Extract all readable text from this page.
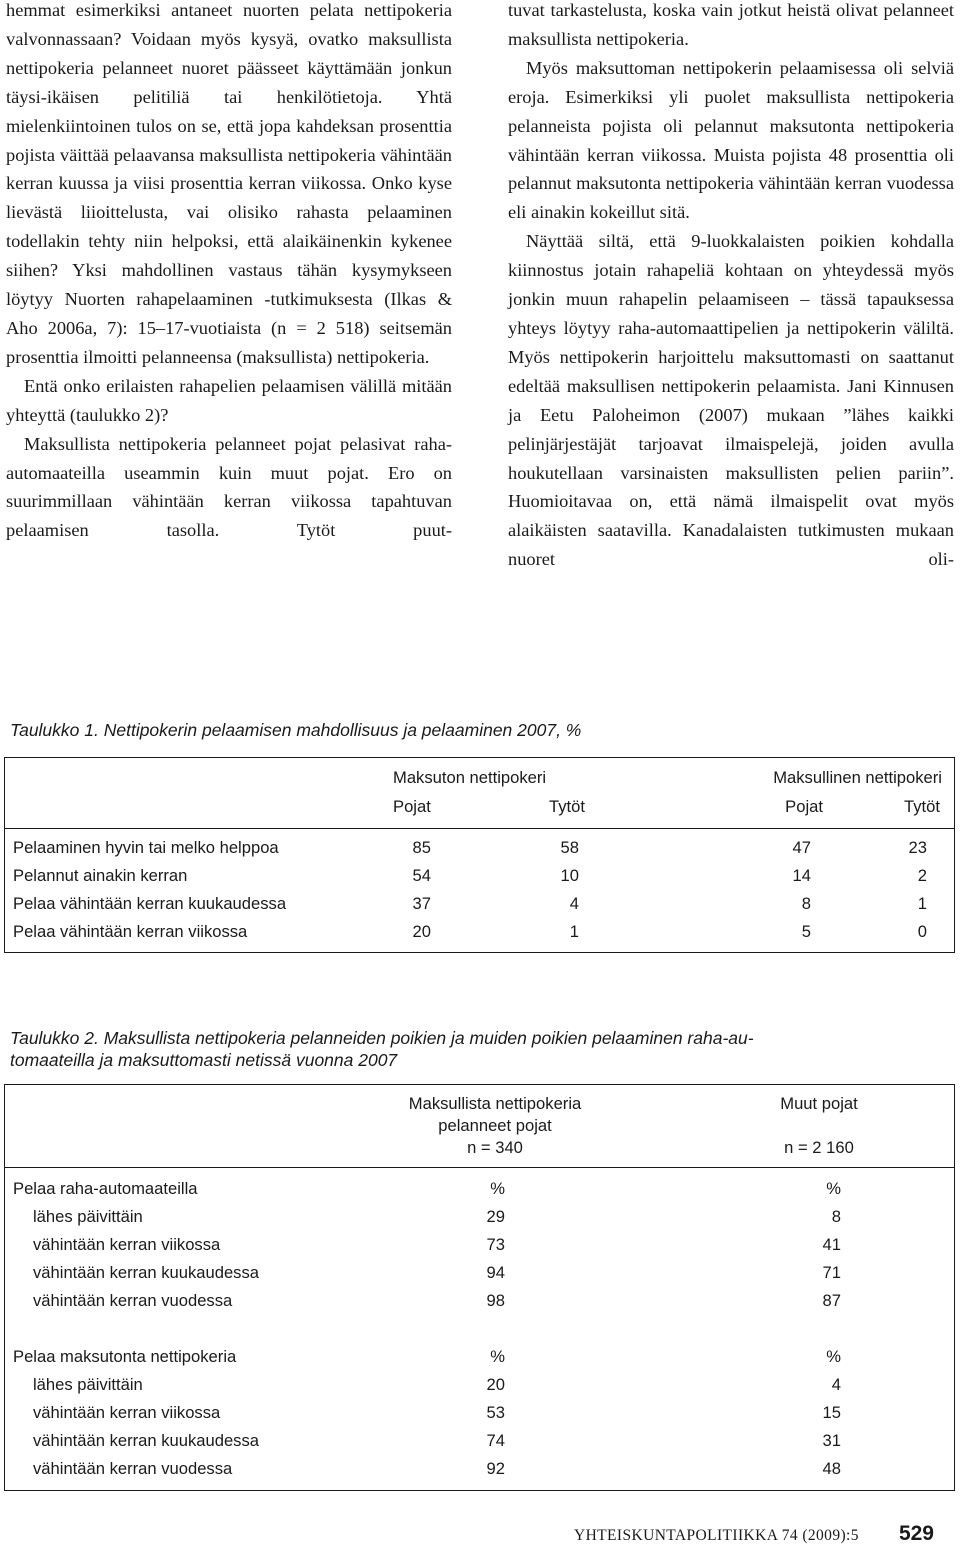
hemmat esimerkiksi antaneet nuorten pelata nettipokeria valvonnassaan? Voidaan myös kysyä, ovatko maksullista nettipokeria pelanneet nuoret päässeet käyttämään jonkun täysi-ikäisen pelitiliä tai henkilötietoja. Yhtä mielenkiintoinen tulos on se, että jopa kahdeksan prosenttia pojista väittää pelaavansa maksullista nettipokeria vähintään kerran kuussa ja viisi prosenttia kerran viikossa. Onko kyse lievästä liioittelusta, vai olisiko rahasta pelaaminen todellakin tehty niin helpoksi, että alaikäinenkin kykenee siihen? Yksi mahdollinen vastaus tähän kysymykseen löytyy Nuorten rahapelaaminen -tutkimuksesta (Ilkas & Aho 2006a, 7): 15–17-vuotiaista (n = 2 518) seitsemän prosenttia ilmoitti pelanneensa (maksullista) nettipokeria.

Entä onko erilaisten rahapelien pelaamisen välillä mitään yhteyttä (taulukko 2)?

Maksullista nettipokeria pelanneet pojat pelasivat raha-automaateilla useammin kuin muut pojat. Ero on suurimmillaan vähintään kerran viikossa tapahtuvan pelaamisen tasolla. Tytöt puut-

tuvat tarkastelusta, koska vain jotkut heistä olivat pelanneet maksullista nettipokeria.

Myös maksuttoman nettipokerin pelaamisessa oli selviä eroja. Esimerkiksi yli puolet maksullista nettipokeria pelanneista pojista oli pelannut maksutonta nettipokeria vähintään kerran viikossa. Muista pojista 48 prosenttia oli pelannut maksutonta nettipokeria vähintään kerran vuodessa eli ainakin kokeillut sitä.

Näyttää siltä, että 9-luokkalaisten poikien kohdalla kiinnostus jotain rahapeliä kohtaan on yhteydessä myös jonkin muun rahapelin pelaamiseen – tässä tapauksessa yhteys löytyy raha-automaattipelien ja nettipokerin väliltä. Myös nettipokerin harjoittelu maksuttomasti on saattanut edeltää maksullisen nettipokerin pelaamista. Jani Kinnusen ja Eetu Paloheimon (2007) mukaan ”lähes kaikki pelinjärjestäjät tarjoavat ilmaispelejä, joiden avulla houkutellaan varsinaisten maksullisten pelien pariin”. Huomioitavaa on, että nämä ilmaispelit ovat myös alaikäisten saatavilla. Kanadalaisten tutkimusten mukaan nuoret oli-

Taulukko 1. Nettipokerin pelaamisen mahdollisuus ja pelaaminen 2007, %
Maksuton nettipokeri	Maksullinen nettipokeri
Pojat	Tytöt	Pojat	Tytöt
Pelaaminen hyvin tai melko helppoa	85	58	47	23
Pelannut ainakin kerran	54	10	14	2
Pelaa vähintään kerran kuukaudessa	37	4	8	1
Pelaa vähintään kerran viikossa	20	1	5	0
Taulukko 2. Maksullista nettipokeria pelanneiden poikien ja muiden poikien pelaaminen raha-au-
tomaateilla ja maksuttomasti netissä vuonna 2007
Maksullista nettipokeria
pelanneet pojat
n = 340
Muut pojat
n = 2 160
Pelaa raha-automaateilla	%	%
lähes päivittäin	29	8
vähintään kerran viikossa	73	41
vähintään kerran kuukaudessa	94	71
vähintään kerran vuodessa	98	87
Pelaa maksutonta nettipokeria	%	%
lähes päivittäin	20	4
vähintään kerran viikossa	53	15
vähintään kerran kuukaudessa	74	31
vähintään kerran vuodessa	92	48
YHTEISKUNTAPOLITIIKKA 74 (2009):5 529
